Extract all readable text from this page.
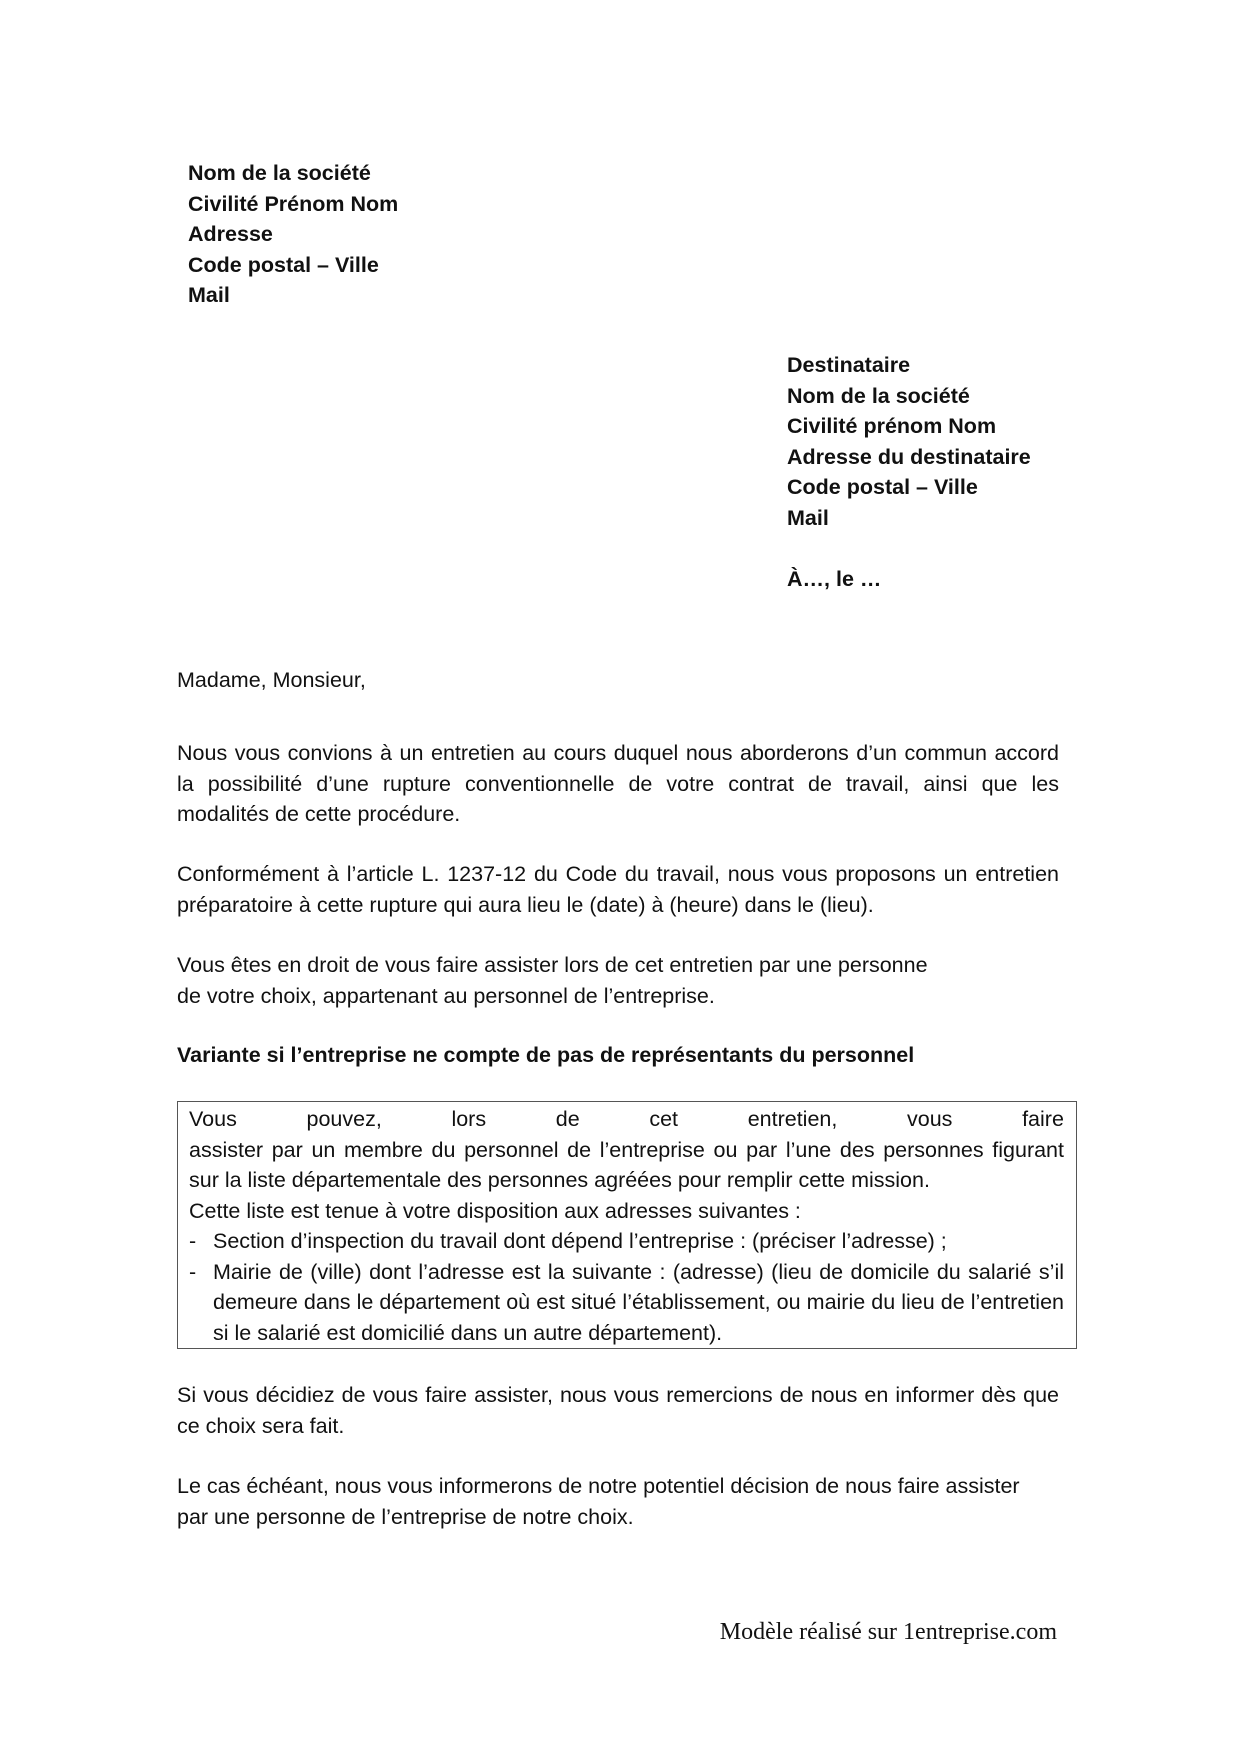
Nom de la société
Civilité Prénom Nom
Adresse
Code postal – Ville
Mail
Destinataire
Nom de la société
Civilité prénom Nom
Adresse du destinataire
Code postal – Ville
Mail
À…, le …
Madame, Monsieur,
Nous vous convions à un entretien au cours duquel nous aborderons d’un commun accord la possibilité d’une rupture conventionnelle de votre contrat de travail, ainsi que les modalités de cette procédure.
Conformément à l’article L. 1237-12 du Code du travail, nous vous proposons un entretien préparatoire à cette rupture qui aura lieu le (date) à (heure) dans le (lieu).
Vous êtes en droit de vous faire assister lors de cet entretien par une personne
de votre choix, appartenant au personnel de l’entreprise.
Variante si l’entreprise ne compte de pas de représentants du personnel
Vous	pouvez,	lors	de	cet	entretien,	vous	faire
assister par un membre du personnel de l’entreprise ou par l’une des personnes figurant sur la liste départementale des personnes agréées pour remplir cette mission.
Cette liste est tenue à votre disposition aux adresses suivantes :
- Section d’inspection du travail dont dépend l’entreprise : (préciser l’adresse) ;
- Mairie de (ville) dont l’adresse est la suivante : (adresse) (lieu de domicile du salarié s’il demeure dans le département où est situé l’établissement, ou mairie du lieu de l’entretien si le salarié est domicilié dans un autre département).
Si vous décidiez de vous faire assister, nous vous remercions de nous en informer dès que ce choix sera fait.
Le cas échéant, nous vous informerons de notre potentiel décision de nous faire assister
par une personne de l’entreprise de notre choix.
Modèle réalisé sur 1entreprise.com
